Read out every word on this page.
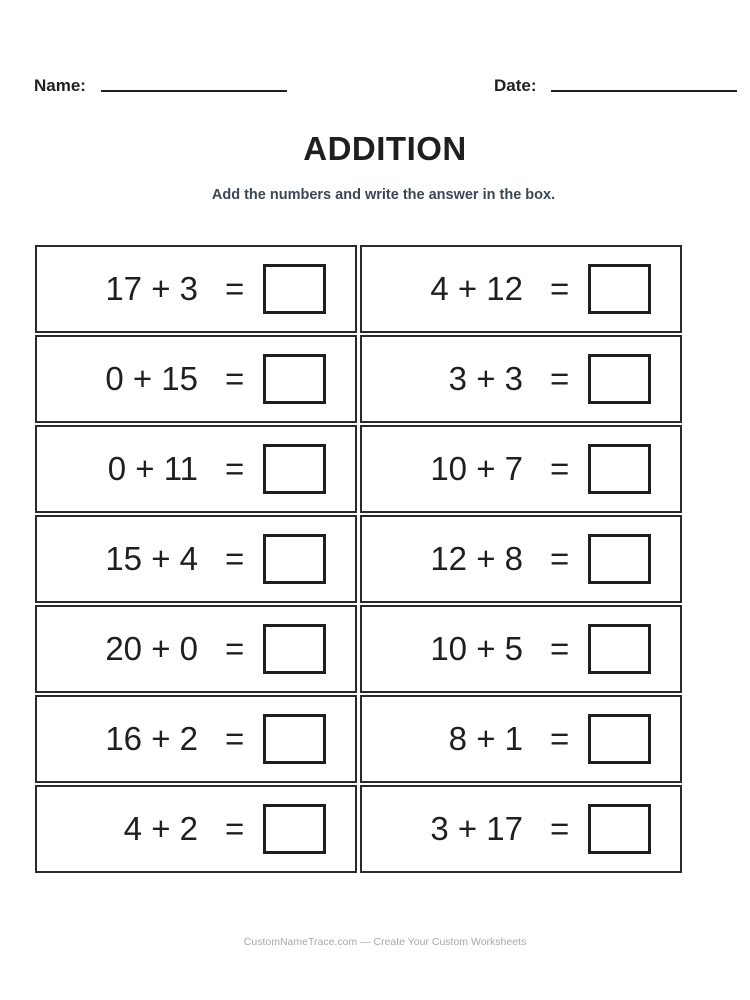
Name:	Date:
ADDITION

Add the numbers and write the answer in the box.

17 + 3 =	4 + 12 =
0 + 15 =	3 + 3 =
0 + 11 =	10 + 7 =
15 + 4 =	12 + 8 =
20 + 0 =	10 + 5 =
16 + 2 =	8 + 1 =
4 + 2 =	3 + 17 =

CustomNameTrace.com — Create Your Custom Worksheets
